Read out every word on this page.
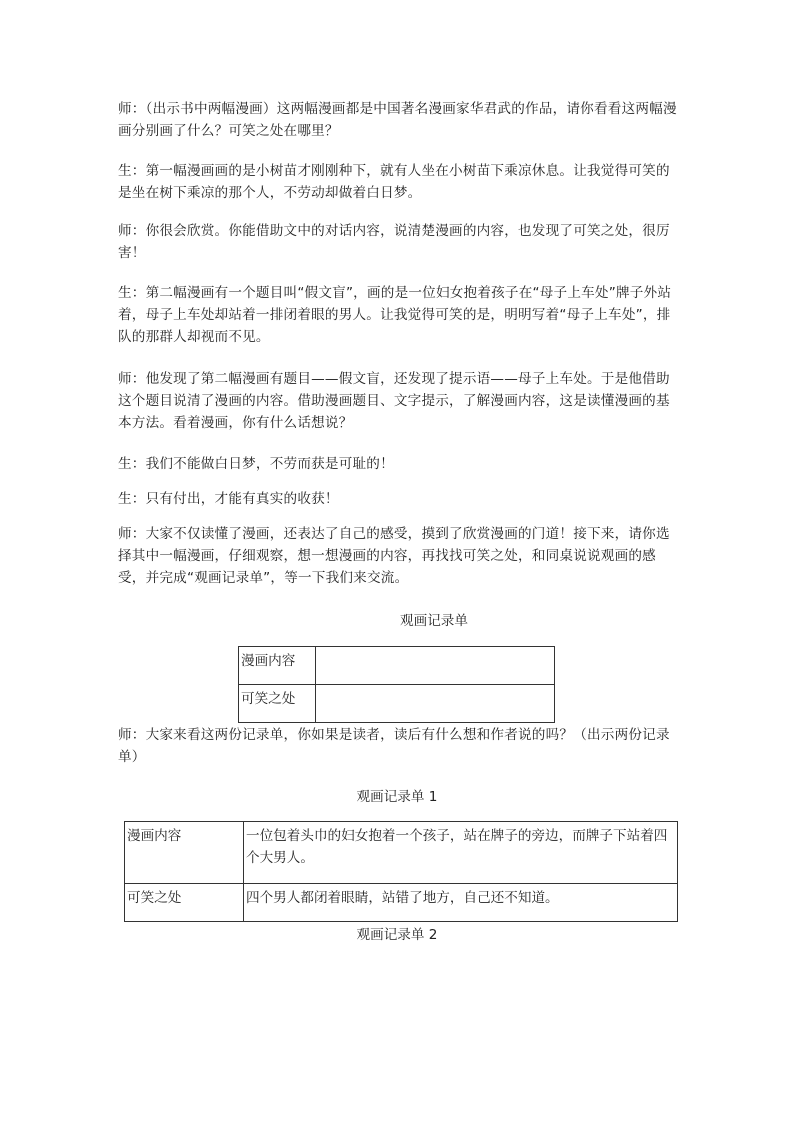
师：（出示书中两幅漫画）这两幅漫画都是中国著名漫画家华君武的作品，请你看看这两幅漫画分别画了什么？可笑之处在哪里？

生：第一幅漫画画的是小树苗才刚刚种下，就有人坐在小树苗下乘凉休息。让我觉得可笑的是坐在树下乘凉的那个人，不劳动却做着白日梦。

师：你很会欣赏。你能借助文中的对话内容，说清楚漫画的内容，也发现了可笑之处，很厉害！

生：第二幅漫画有一个题目叫“假文盲”，画的是一位妇女抱着孩子在“母子上车处”牌子外站着，母子上车处却站着一排闭着眼的男人。让我觉得可笑的是，明明写着“母子上车处”，排队的那群人却视而不见。

师：他发现了第二幅漫画有题目——假文盲，还发现了提示语——母子上车处。于是他借助这个题目说清了漫画的内容。借助漫画题目、文字提示，了解漫画内容，这是读懂漫画的基本方法。看着漫画，你有什么话想说？

生：我们不能做白日梦，不劳而获是可耻的！

生：只有付出，才能有真实的收获！

师：大家不仅读懂了漫画，还表达了自己的感受，摸到了欣赏漫画的门道！接下来，请你选择其中一幅漫画，仔细观察，想一想漫画的内容，再找找可笑之处，和同桌说说观画的感受，并完成“观画记录单”，等一下我们来交流。

观画记录单

漫画内容	
可笑之处	

师：大家来看这两份记录单，你如果是读者，读后有什么想和作者说的吗？（出示两份记录单）

观画记录单 1

漫画内容	一位包着头巾的妇女抱着一个孩子，站在牌子的旁边，而牌子下站着四个大男人。
可笑之处	四个男人都闭着眼睛，站错了地方，自己还不知道。

观画记录单 2
